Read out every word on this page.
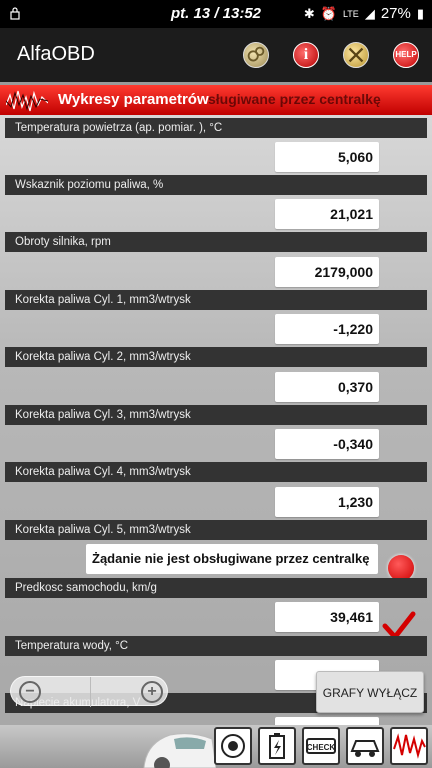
pt. 13 / 13:52	✱ ⏰ LTE ◢ 27% ▮
AlfaOBD	i	HELP
sługiwane przez centralkę
Wykresy parametrów
Temperatura powietrza (ap. pomiar. ), °C
5,060
Wskaznik poziomu paliwa, %
21,021
Obroty silnika, rpm
2179,000
Korekta paliwa Cyl. 1, mm3/wtrysk
-1,220
Korekta paliwa Cyl. 2, mm3/wtrysk
0,370
Korekta paliwa Cyl. 3, mm3/wtrysk
-0,340
Korekta paliwa Cyl. 4, mm3/wtrysk
1,230
Korekta paliwa Cyl. 5, mm3/wtrysk
Żądanie nie jest obsługiwane przez centralkę
Predkosc samochodu, km/g
39,461
Temperatura wody, °C
−	+	GRAFY WYŁĄCZ
CHECK
